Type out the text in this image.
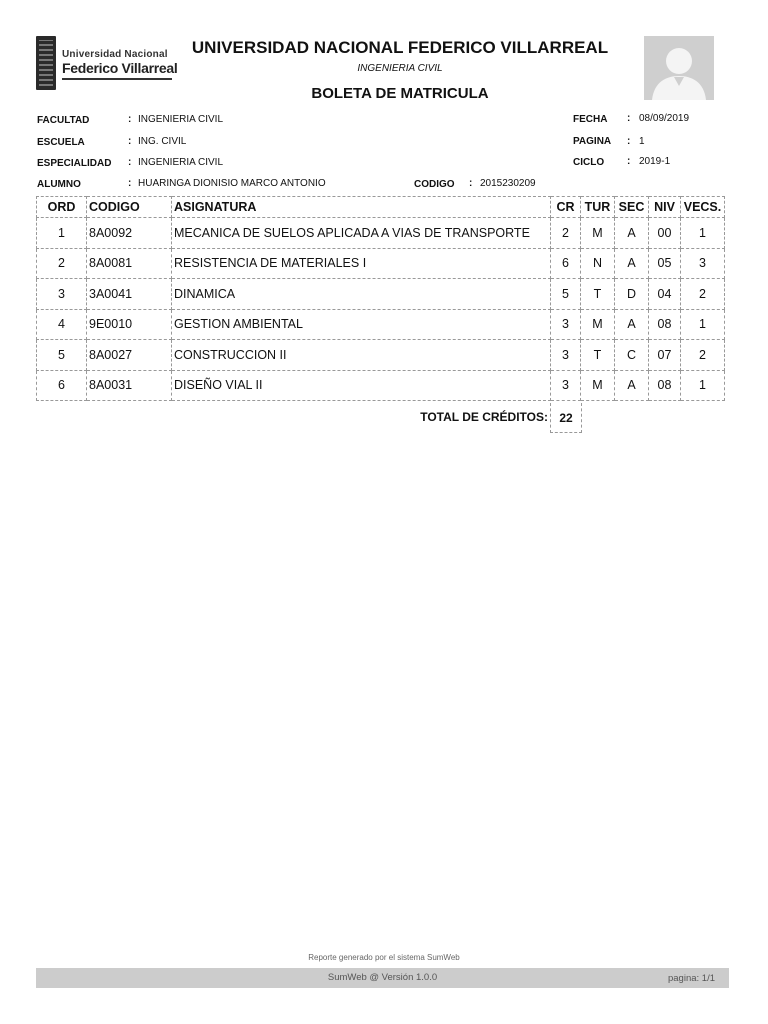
Universidad Nacional
Federico Villarreal
UNIVERSIDAD NACIONAL FEDERICO VILLARREAL
INGENIERIA CIVIL
BOLETA DE MATRICULA
FACULTAD	: INGENIERIA CIVIL
ESCUELA	: ING. CIVIL
ESPECIALIDAD : INGENIERIA CIVIL
ALUMNO	: HUARINGA DIONISIO MARCO ANTONIO	CODIGO : 2015230209
FECHA : 08/09/2019
PAGINA : 1
CICLO : 2019-1
ORD	CODIGO	ASIGNATURA	CR	TUR	SEC	NIV	VECS.
1	8A0092	MECANICA DE SUELOS APLICADA A VIAS DE TRANSPORTE	2	M	A	00	1
2	8A0081	RESISTENCIA DE MATERIALES I	6	N	A	05	3
3	3A0041	DINAMICA	5	T	D	04	2
4	9E0010	GESTION AMBIENTAL	3	M	A	08	1
5	8A0027	CONSTRUCCION II	3	T	C	07	2
6	8A0031	DISEÑO VIAL II	3	M	A	08	1
TOTAL DE CRÉDITOS: 22
Reporte generado por el sistema SumWeb
SumWeb @ Versión 1.0.0	pagina: 1/1
